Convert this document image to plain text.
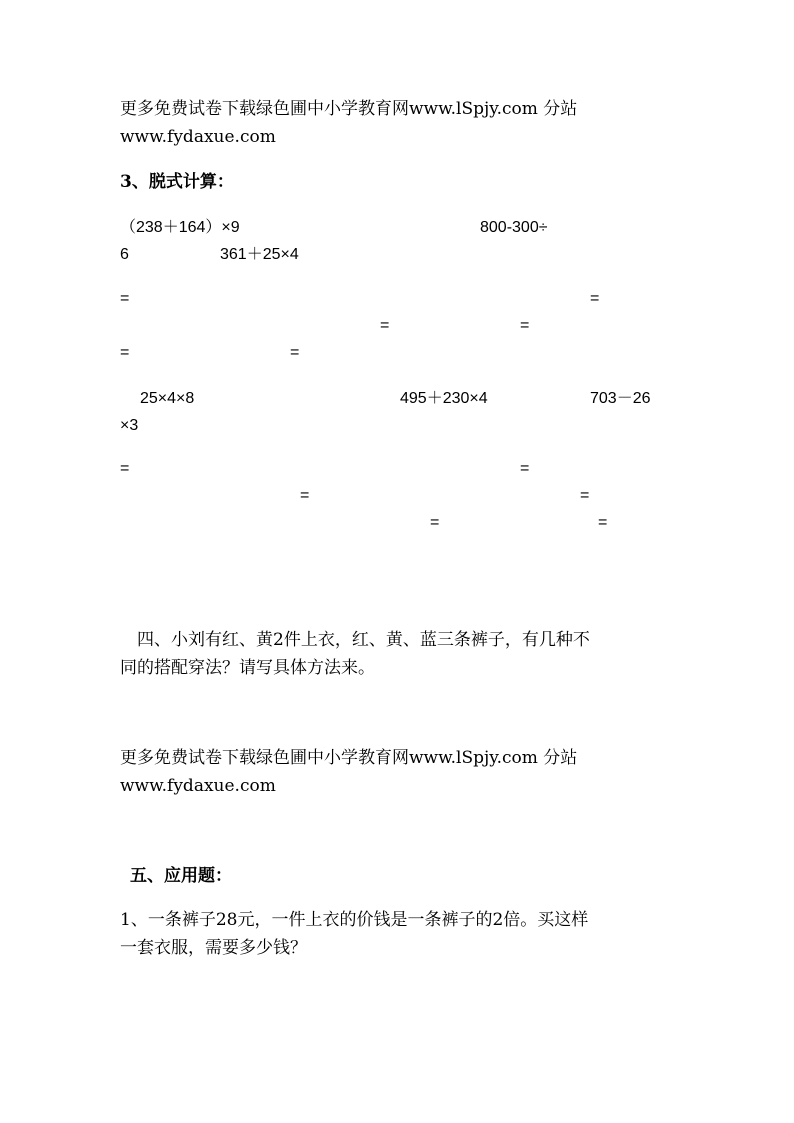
更多免费试卷下载绿色圃中小学教育网www.lSpjy.com 分站
www.fydaxue.com
3、脱式计算：
（238＋164）×9	800-300÷
6	361＋25×4
=	=
=	=
=	=
25×4×8	495＋230×4	703－26
×3
=	=
=	=
=	=
四、小刘有红、黄2件上衣，红、黄、蓝三条裤子，有几种不
同的搭配穿法？请写具体方法来。
更多免费试卷下载绿色圃中小学教育网www.lSpjy.com 分站
www.fydaxue.com
五、应用题：
1、一条裤子28元，一件上衣的价钱是一条裤子的2倍。买这样
一套衣服，需要多少钱？
